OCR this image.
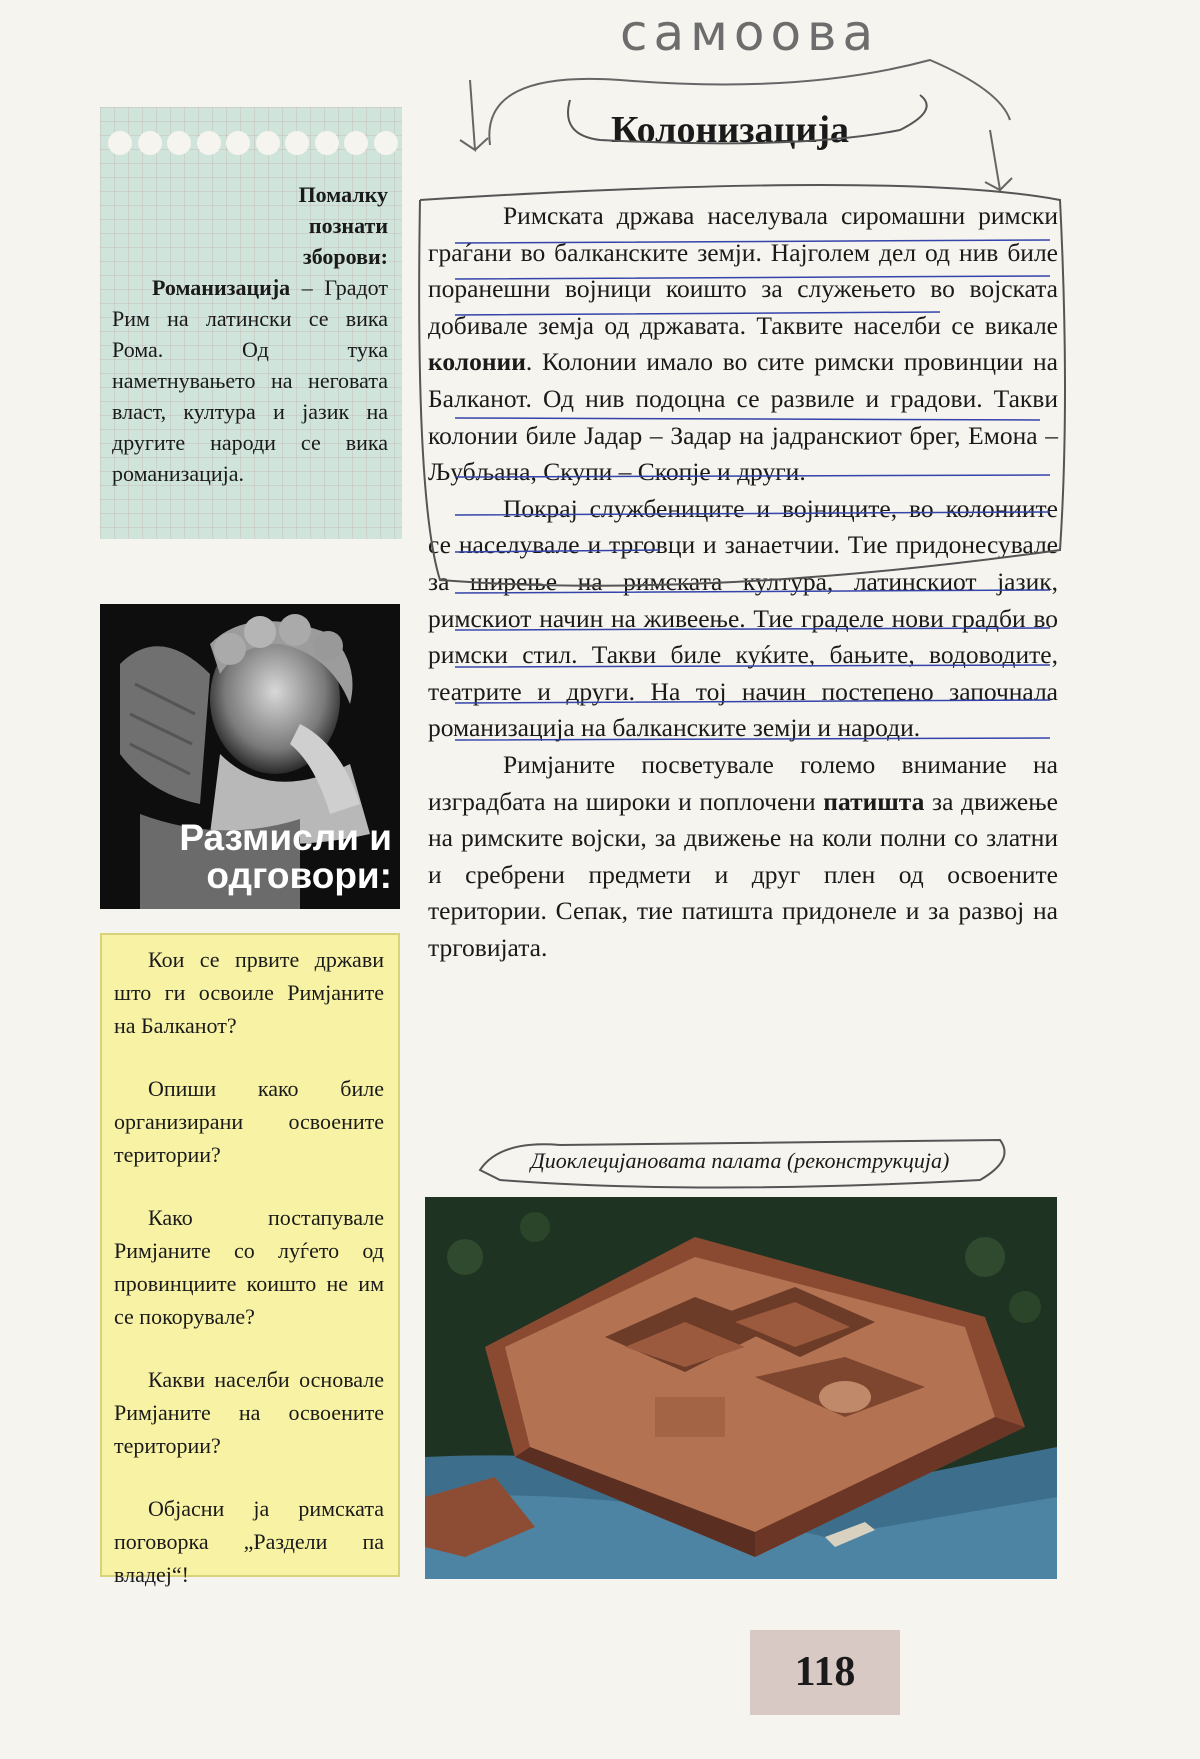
самоова
Помалку познати зборови:
Романизација – Градот Рим на латински се вика Рома. Од тука наметнувањето на неговата власт, култура и јазик на другите народи се вика романизација.
Размисли и одговори:

Кои се првите држави што ги освоиле Римјаните на Балканот?

Опиши како биле организирани освоените територии?

Како постапувале Римјаните со луѓето од провинциите коишто не им се покорувале?

Какви населби основале Римјаните на освоените територии?

Објасни ја римската поговорка „Раздели па владеј“!

Колонизација

Римската држава населувала сиромашни римски граѓани во балканските земји. Најголем дел од нив биле поранешни војници коишто за служењето во војската добивале земја од државата. Таквите населби се викале колонии. Колонии имало во сите римски провинции на Балканот. Од нив подоцна се развиле и градови. Такви колонии биле Јадар – Задар на јадранскиот брег, Емона – Љубљана, Скупи – Скопје и други.

Покрај службениците и војниците, во колониите се населувале и трговци и занаетчии. Тие придонесувале за ширење на римската култура, латинскиот јазик, римскиот начин на живеење. Тие граделе нови градби во римски стил. Такви биле куќите, бањите, водоводите, театрите и други. На тој начин постепено започнала романизација на балканските земји и народи.

Римјаните посветувале големо внимание на изградбата на широки и поплочени патишта за движење на римските војски, за движење на коли полни со златни и сребрени предмети и друг плен од освоените територии. Сепак, тие патишта придонеле и за развој на трговијата.

Диоклецијановата палата (реконструкција)
118
